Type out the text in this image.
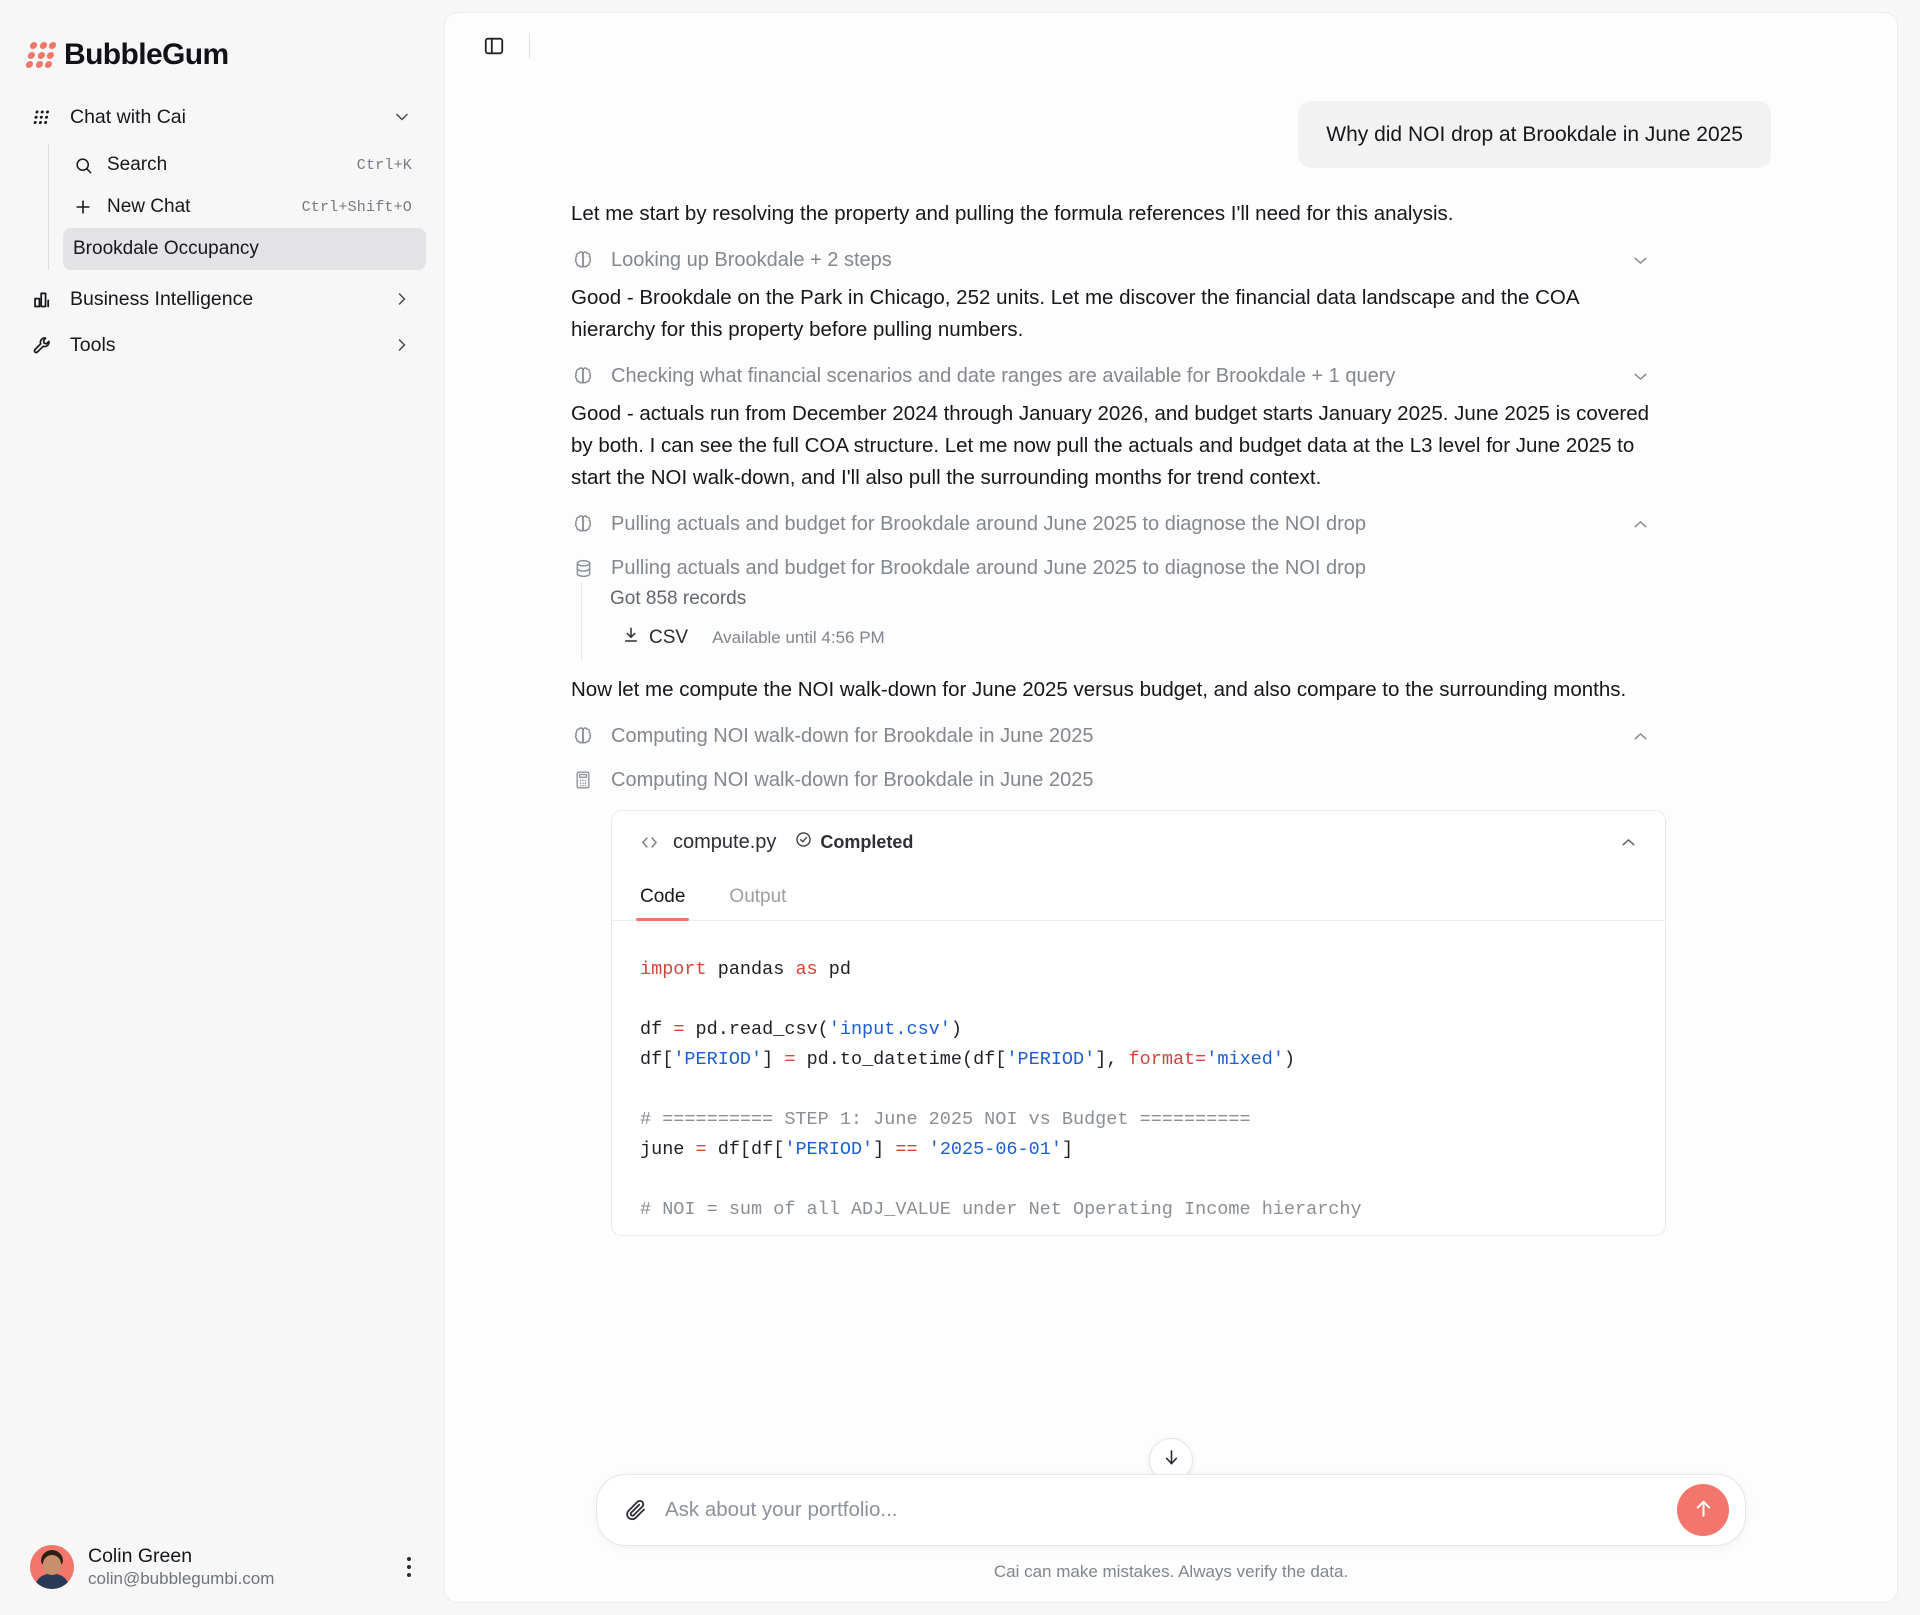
BubbleGum
Chat with Cai
Search	Ctrl+K
New Chat	Ctrl+Shift+O
Brookdale Occupancy
Business Intelligence
Tools
Colin Green
colin@bubblegumbi.com
Why did NOI drop at Brookdale in June 2025

Let me start by resolving the property and pulling the formula references I'll need for this analysis.

Looking up Brookdale + 2 steps

Good - Brookdale on the Park in Chicago, 252 units. Let me discover the financial data landscape and the COA hierarchy for this property before pulling numbers.

Checking what financial scenarios and date ranges are available for Brookdale + 1 query

Good - actuals run from December 2024 through January 2026, and budget starts January 2025. June 2025 is covered by both. I can see the full COA structure. Let me now pull the actuals and budget data at the L3 level for June 2025 to start the NOI walk-down, and I'll also pull the surrounding months for trend context.

Pulling actuals and budget for Brookdale around June 2025 to diagnose the NOI drop
Pulling actuals and budget for Brookdale around June 2025 to diagnose the NOI drop
Got 858 records
CSV Available until 4:56 PM

Now let me compute the NOI walk-down for June 2025 versus budget, and also compare to the surrounding months.

Computing NOI walk-down for Brookdale in June 2025
Computing NOI walk-down for Brookdale in June 2025
compute.py Completed
Code	Output
import pandas as pd

df = pd.read_csv('input.csv')
df['PERIOD'] = pd.to_datetime(df['PERIOD'], format='mixed')

# ========== STEP 1: June 2025 NOI vs Budget ==========
june = df[df['PERIOD'] == '2025-06-01']

# NOI = sum of all ADJ_VALUE under Net Operating Income hierarchy
Ask about your portfolio...
Cai can make mistakes. Always verify the data.
